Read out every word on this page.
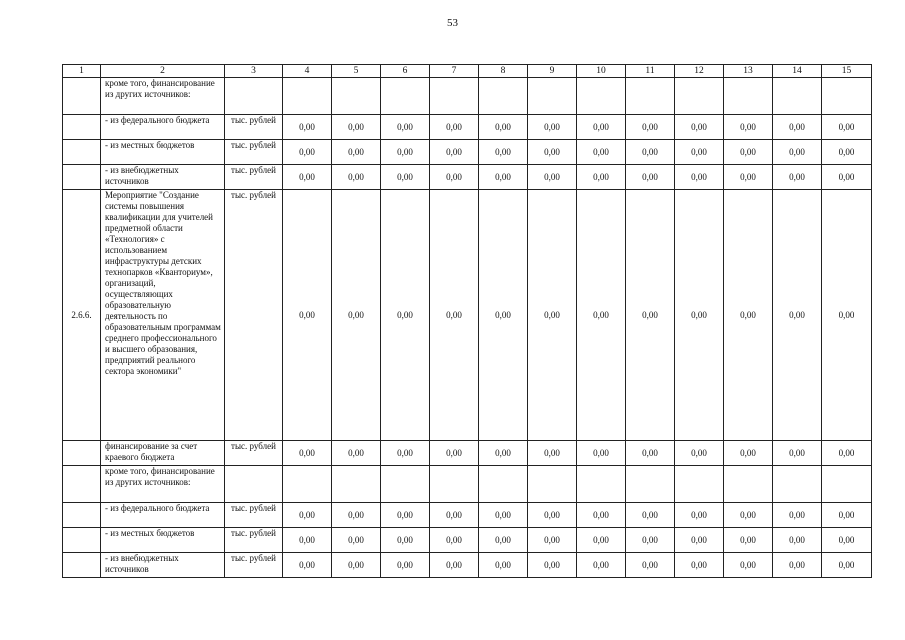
53
1	2	3	4	5	6	7	8	9	10	11	12	13	14	15
	кроме того, финансирование из других источников:													
	- из федерального бюджета	тыс. рублей	0,00	0,00	0,00	0,00	0,00	0,00	0,00	0,00	0,00	0,00	0,00	0,00
	- из местных бюджетов	тыс. рублей	0,00	0,00	0,00	0,00	0,00	0,00	0,00	0,00	0,00	0,00	0,00	0,00
	- из внебюджетных источников	тыс. рублей	0,00	0,00	0,00	0,00	0,00	0,00	0,00	0,00	0,00	0,00	0,00	0,00
2.6.6.	Мероприятие "Создание системы повышения квалификации для учителей предметной области «Технология» с использованием инфраструктуры детских технопарков «Кванториум», организаций, осуществляющих образовательную деятельность по образовательным программам среднего профессионального и высшего образования, предприятий реального сектора экономики"	тыс. рублей	0,00	0,00	0,00	0,00	0,00	0,00	0,00	0,00	0,00	0,00	0,00	0,00
	финансирование за счет краевого бюджета	тыс. рублей	0,00	0,00	0,00	0,00	0,00	0,00	0,00	0,00	0,00	0,00	0,00	0,00
	кроме того, финансирование из других источников:													
	- из федерального бюджета	тыс. рублей	0,00	0,00	0,00	0,00	0,00	0,00	0,00	0,00	0,00	0,00	0,00	0,00
	- из местных бюджетов	тыс. рублей	0,00	0,00	0,00	0,00	0,00	0,00	0,00	0,00	0,00	0,00	0,00	0,00
	- из внебюджетных источников	тыс. рублей	0,00	0,00	0,00	0,00	0,00	0,00	0,00	0,00	0,00	0,00	0,00	0,00
